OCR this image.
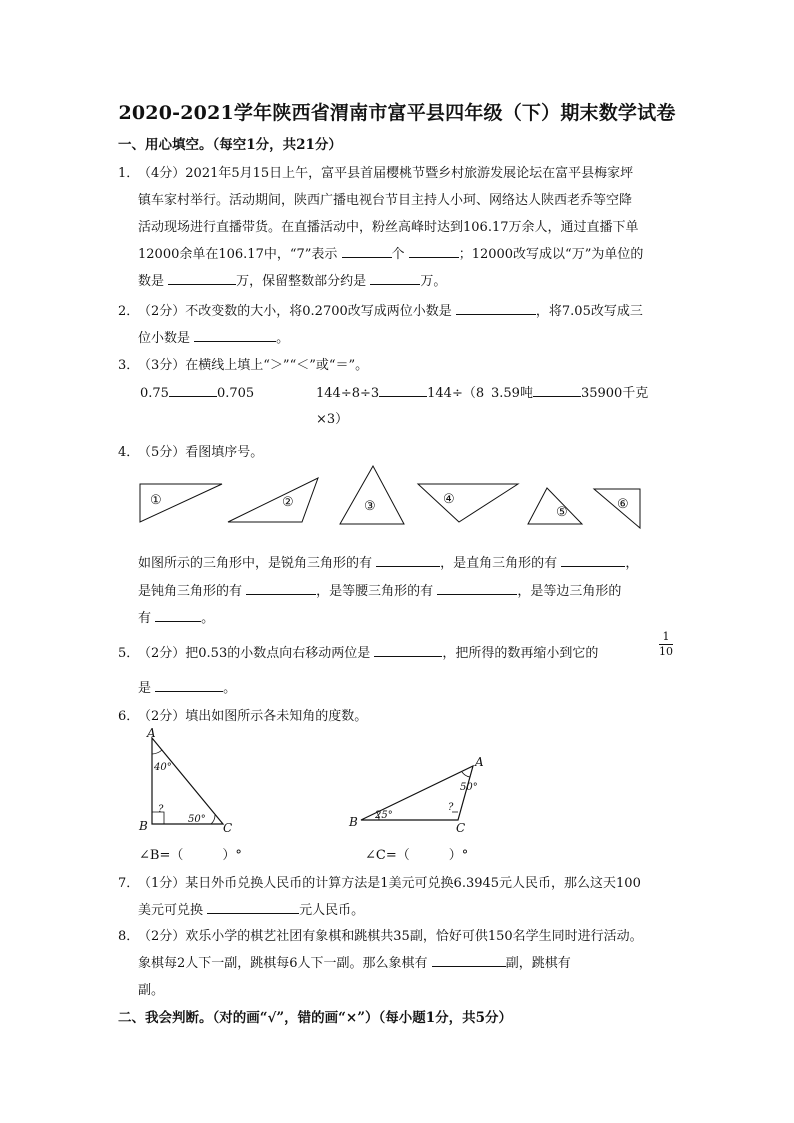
2020-2021学年陕西省渭南市富平县四年级（下）期末数学试卷
一、用心填空。（每空1分，共21分）
1．
（4分）2021年5月15日上午，富平县首届樱桃节暨乡村旅游发展论坛在富平县梅家坪
镇车家村举行。活动期间，陕西广播电视台节目主持人小珂、网络达人陕西老乔等空降
活动现场进行直播带货。在直播活动中，粉丝高峰时达到106.17万余人，通过直播下单
12000余单在106.17中，“7”表示	个	；12000改写成以“万”为单位的
数是	万，保留整数部分约是	万。
2．
（2分）不改变数的大小，将0.2700改写成两位小数是	，将7.05改写成三
位小数是	。
3．
（3分）在横线上填上“＞”“＜”或“＝”。
0.75	0.705	144÷8÷3	144÷（8 3.59吨	35900千克
×3）
4．
（5分）看图填序号。
①	②	③	④
⑤
⑥
如图所示的三角形中，是锐角三角形的有	，是直角三角形的有	，
是钝角三角形的有	，是等腰三角形的有	，是等边三角形的
有	。
5．
（2分）把0.53的小数点向右移动两位是	，把所得的数再缩小到它的	$\frac{1}{10}$
是	。
6．
（2分）填出如图所示各未知角的度数。
A
B	C
40°
50°
?
A
B	C
50°
25°
?
∠B=（　　　）°	∠C=（　　　）°
7．
（1分）某日外币兑换人民币的计算方法是1美元可兑换6.3945元人民币，那么这天100
美元可兑换	元人民币。
8．
（2分）欢乐小学的棋艺社团有象棋和跳棋共35副，恰好可供150名学生同时进行活动。
象棋每2人下一副，跳棋每6人下一副。那么象棋有	副，跳棋有
副。
二、我会判断。（对的画“√”，错的画“×”）（每小题1分，共5分）
